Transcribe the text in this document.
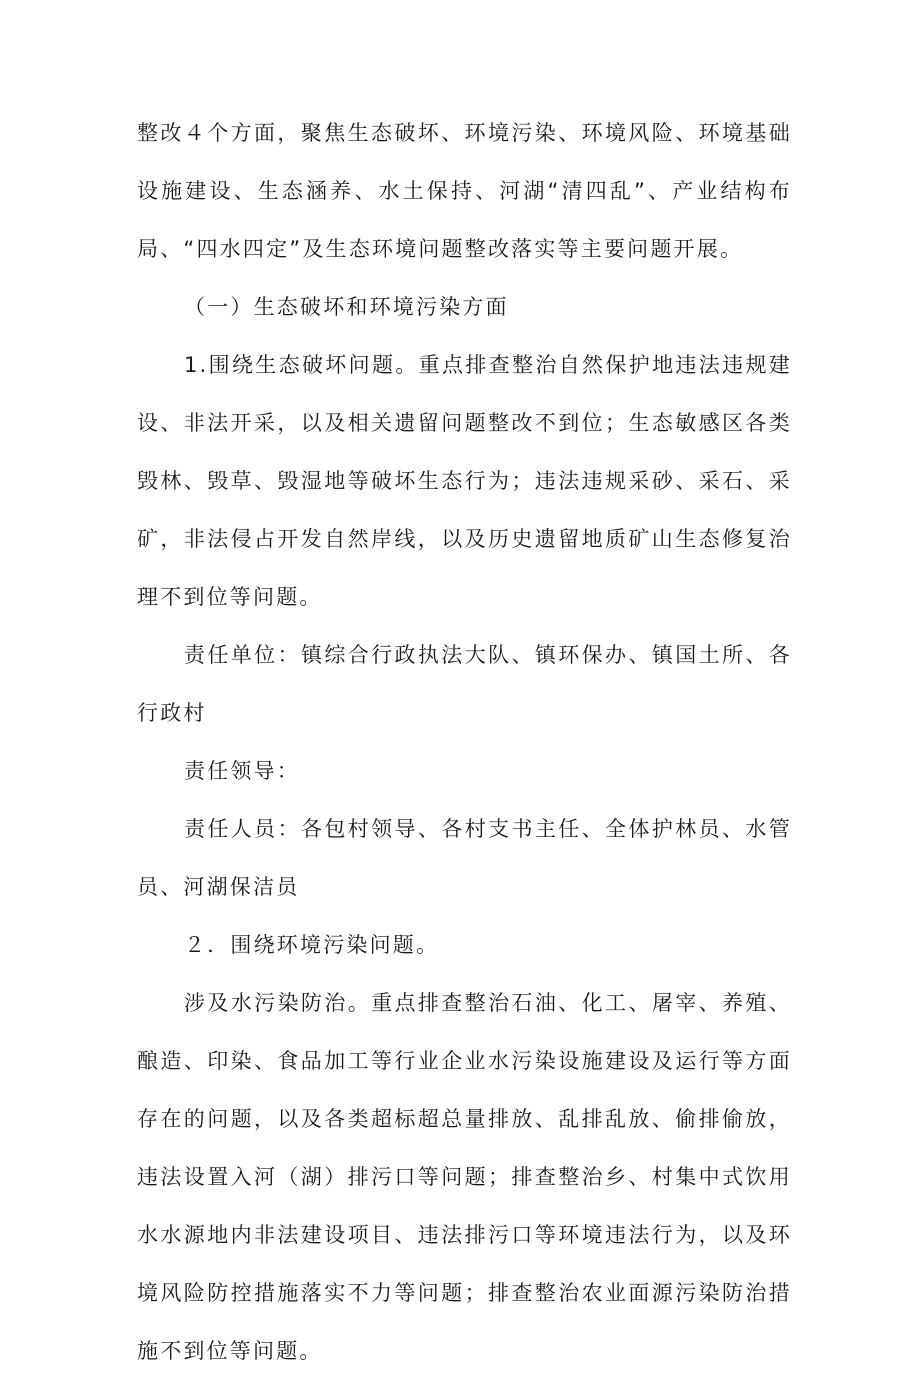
整改４个方面，聚焦生态破坏、环境污染、环境风险、环境基础设施建设、生态涵养、水土保持、河湖“清四乱”、产业结构布局、“四水四定”及生态环境问题整改落实等主要问题开展。

（一）生态破坏和环境污染方面

1.围绕生态破坏问题。重点排查整治自然保护地违法违规建设、非法开采，以及相关遗留问题整改不到位；生态敏感区各类毁林、毁草、毁湿地等破坏生态行为；违法违规采砂、采石、采矿，非法侵占开发自然岸线，以及历史遗留地质矿山生态修复治理不到位等问题。

责任单位：镇综合行政执法大队、镇环保办、镇国土所、各行政村

责任领导：

责任人员：各包村领导、各村支书主任、全体护林员、水管员、河湖保洁员

２．围绕环境污染问题。

涉及水污染防治。重点排查整治石油、化工、屠宰、养殖、酿造、印染、食品加工等行业企业水污染设施建设及运行等方面存在的问题，以及各类超标超总量排放、乱排乱放、偷排偷放，违法设置入河（湖）排污口等问题；排查整治乡、村集中式饮用水水源地内非法建设项目、违法排污口等环境违法行为，以及环境风险防控措施落实不力等问题；排查整治农业面源污染防治措施不到位等问题。
